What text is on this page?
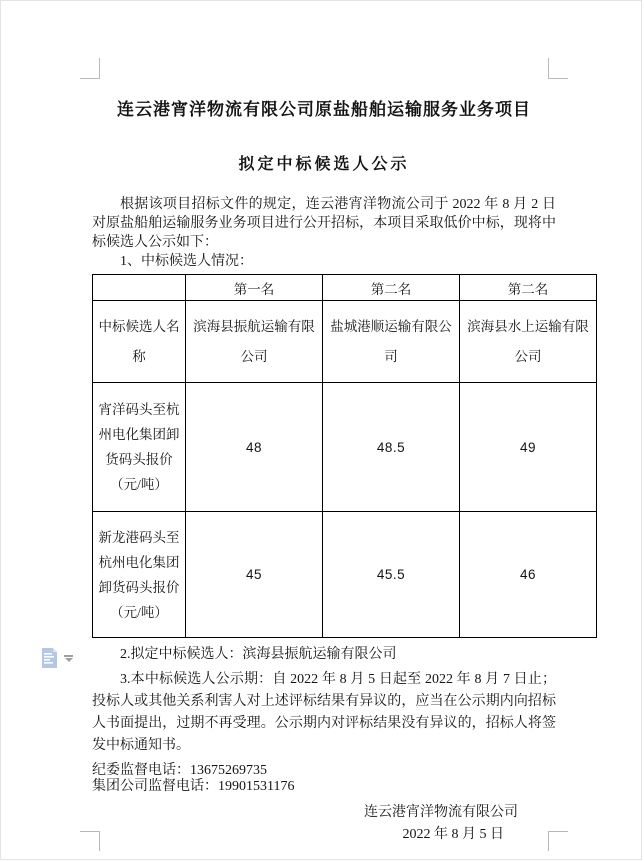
连云港宵洋物流有限公司原盐船舶运输服务业务项目
拟定中标候选人公示

根据该项目招标文件的规定，连云港宵洋物流公司于 2022 年 8 月 2 日对原盐船舶运输服务业务项目进行公开招标，本项目采取低价中标，现将中标候选人公示如下：

1、中标候选人情况：

	第一名	第二名	第二名
中标候选人名称	滨海县振航运输有限公司	盐城港顺运输有限公司	滨海县水上运输有限公司
宵洋码头至杭州电化集团卸货码头报价（元/吨）	48	48.5	49
新龙港码头至杭州电化集团卸货码头报价（元/吨）	45	45.5	46

2.拟定中标候选人：滨海县振航运输有限公司

3.本中标候选人公示期：自 2022 年 8 月 5 日起至 2022 年 8 月 7 日止；投标人或其他关系利害人对上述评标结果有异议的，应当在公示期内向招标人书面提出，过期不再受理。公示期内对评标结果没有异议的，招标人将签发中标通知书。

纪委监督电话：13675269735

集团公司监督电话：19901531176

连云港宵洋物流有限公司
2022 年 8 月 5 日
